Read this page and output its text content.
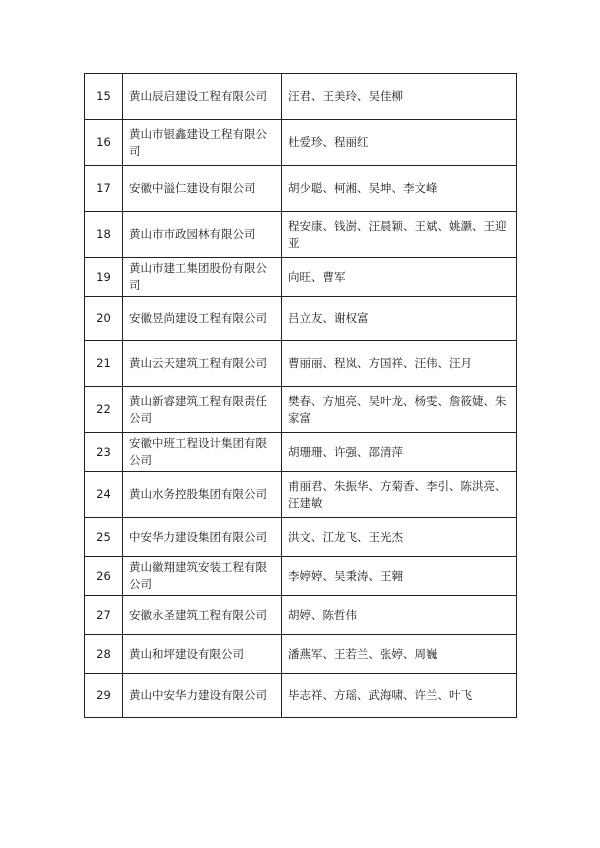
15	黄山辰启建设工程有限公司	汪君、王美玲、吴佳柳
16	黄山市银鑫建设工程有限公司	杜爱珍、程丽红
17	安徽中溢仁建设有限公司	胡少聪、柯湘、吴坤、李文峰
18	黄山市市政园林有限公司	程安康、钱澍、汪晨颖、王斌、姚灏、王迎亚
19	黄山市建工集团股份有限公司	向旺、曹军
20	安徽昱尚建设工程有限公司	吕立友、谢权富
21	黄山云天建筑工程有限公司	曹丽丽、程岚、方国祥、汪伟、汪月
22	黄山新睿建筑工程有限责任公司	樊春、方旭亮、吴叶龙、杨雯、詹筱婕、朱家富
23	安徽中班工程设计集团有限公司	胡珊珊、许强、邵清萍
24	黄山水务控股集团有限公司	甫丽君、朱振华、方菊香、李引、陈洪亮、汪建敏
25	中安华力建设集团有限公司	洪文、江龙飞、王光杰
26	黄山徽翔建筑安装工程有限公司	李婷婷、吴秉涛、王翱
27	安徽永圣建筑工程有限公司	胡婷、陈哲伟
28	黄山和坪建设有限公司	潘燕军、王若兰、张婷、周巍
29	黄山中安华力建设有限公司	毕志祥、方瑶、武海啸、许兰、叶飞
